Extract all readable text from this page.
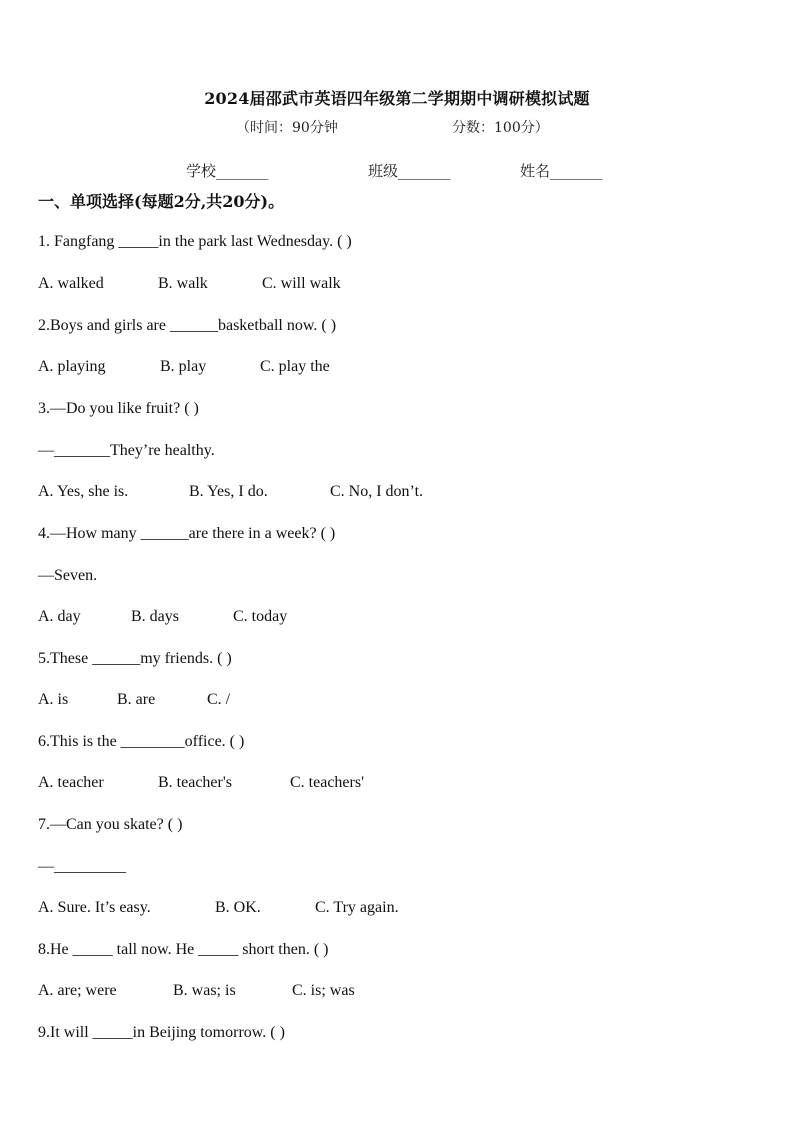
2024届邵武市英语四年级第二学期期中调研模拟试题
（时间：90分钟	分数：100分）
学校_______	班级_______	姓名_______
一、单项选择(每题2分,共20分)。
1. Fangfang _____in the park last Wednesday. ( )
A. walked	B. walk	C. will walk
2.Boys and girls are ______basketball now. ( )
A. playing	B. play	C. play the
3.—Do you like fruit? ( )
—_______They’re healthy.
A. Yes, she is.	B. Yes, I do.	C. No, I don’t.
4.—How many ______are there in a week? ( )
—Seven.
A. day	B. days	C. today
5.These ______my friends. ( )
A. is	B. are	C. /
6.This is the ________office. ( )
A. teacher	B. teacher's	C. teachers'
7.—Can you skate? ( )
—_________
A. Sure. It’s easy.	B. OK.	C. Try again.
8.He _____ tall now. He _____ short then. ( )
A. are; were	B. was; is	C. is; was
9.It will _____in Beijing tomorrow. ( )
